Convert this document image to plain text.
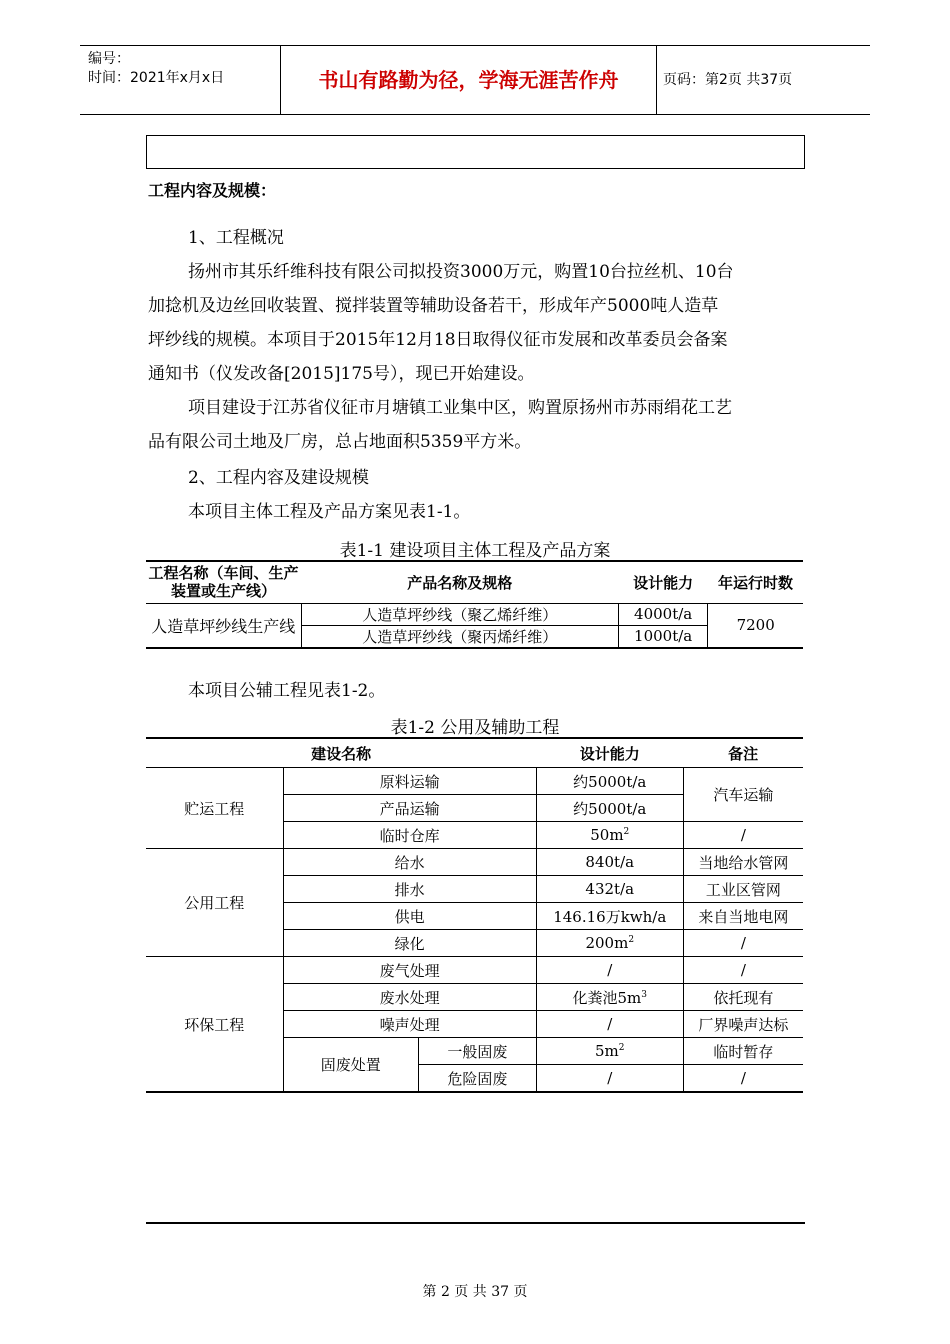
编号：
时间：2021年x月x日	书山有路勤为径，学海无涯苦作舟	页码：第2页 共37页
工程内容及规模：
1、工程概况
扬州市其乐纤维科技有限公司拟投资3000万元，购置10台拉丝机、10台
加捻机及边丝回收装置、搅拌装置等辅助设备若干，形成年产5000吨人造草
坪纱线的规模。本项目于2015年12月18日取得仪征市发展和改革委员会备案
通知书（仪发改备[2015]175号），现已开始建设。
项目建设于江苏省仪征市月塘镇工业集中区，购置原扬州市苏雨绢花工艺
品有限公司土地及厂房，总占地面积5359平方米。
2、工程内容及建设规模
本项目主体工程及产品方案见表1-1。
表1-1 建设项目主体工程及产品方案
工程名称（车间、生产装置或生产线）	产品名称及规格	设计能力	年运行时数
人造草坪纱线生产线	人造草坪纱线（聚乙烯纤维）	4000t/a	7200
	人造草坪纱线（聚丙烯纤维）	1000t/a	
本项目公辅工程见表1-2。
表1-2 公用及辅助工程
建设名称			设计能力	备注
贮运工程	原料运输		约5000t/a	汽车运输
	产品运输		约5000t/a	
	临时仓库		$50m^2$	/
公用工程	给水		840t/a	当地给水管网
	排水		432t/a	工业区管网
	供电		146.16万kwh/a	来自当地电网
	绿化		$200m^2$	/
环保工程	废气处理		/	/
	废水处理		化粪池$5m^3$	依托现有
	噪声处理		/	厂界噪声达标
	固废处置	一般固废	$5m^2$	临时暂存
		危险固废	/	/
第 2 页 共 37 页
